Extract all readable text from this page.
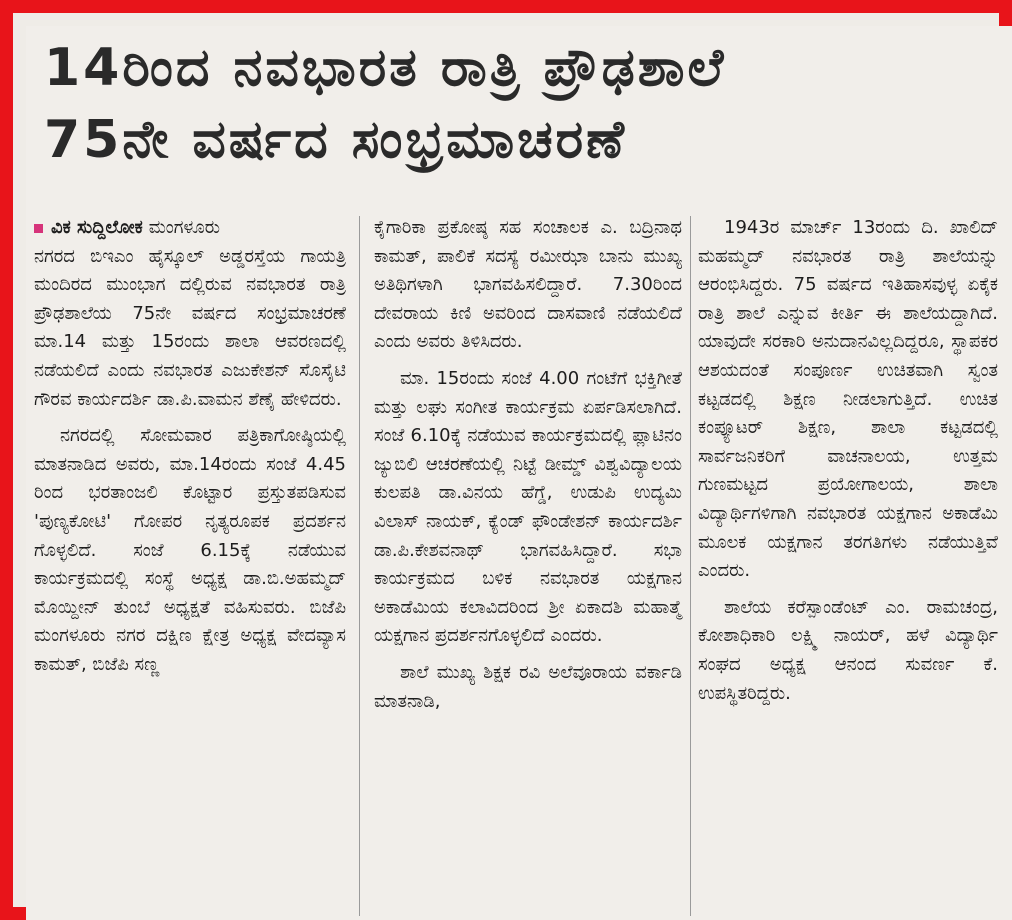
14ರಿಂದ ನವಭಾರತ ರಾತ್ರಿ ಪ್ರೌಢಶಾಲೆ
75ನೇ ವರ್ಷದ ಸಂಭ್ರಮಾಚರಣೆ
ವಿಕ ಸುದ್ದಿಲೋಕ ಮಂಗಳೂರು

ನಗರದ ಬಿಇಎಂ ಹೈಸ್ಕೂಲ್ ಅಡ್ಡರಸ್ತೆಯ ಗಾಯತ್ರಿ ಮಂದಿರದ ಮುಂಭಾಗ ದಲ್ಲಿರುವ ನವಭಾರತ ರಾತ್ರಿ ಪ್ರೌಢಶಾಲೆಯ 75ನೇ ವರ್ಷದ ಸಂಭ್ರಮಾಚರಣೆ ಮಾ.14 ಮತ್ತು 15ರಂದು ಶಾಲಾ ಆವರಣದಲ್ಲಿ ನಡೆಯಲಿದೆ ಎಂದು ನವಭಾರತ ಎಜುಕೇಶನ್ ಸೊಸೈಟಿ ಗೌರವ ಕಾರ್ಯದರ್ಶಿ ಡಾ.ಪಿ.ವಾಮನ ಶೆಣೈ ಹೇಳಿದರು.

ನಗರದಲ್ಲಿ ಸೋಮವಾರ ಪತ್ರಿಕಾಗೋಷ್ಠಿಯಲ್ಲಿ ಮಾತನಾಡಿದ ಅವರು, ಮಾ.14ರಂದು ಸಂಜೆ 4.45 ರಿಂದ ಭರತಾಂಜಲಿ ಕೊಟ್ಟಾರ ಪ್ರಸ್ತುತಪಡಿಸುವ 'ಪುಣ್ಯಕೋಟಿ' ಗೋಪರ ನೃತ್ಯರೂಪಕ ಪ್ರದರ್ಶನ ಗೊಳ್ಳಲಿದೆ. ಸಂಜೆ 6.15ಕ್ಕೆ ನಡೆಯುವ ಕಾರ್ಯಕ್ರಮದಲ್ಲಿ ಸಂಸ್ಥೆ ಅಧ್ಯಕ್ಷ ಡಾ.ಬಿ.ಅಹಮ್ಮದ್ ಮೊಯ್ದೀನ್ ತುಂಬೆ ಅಧ್ಯಕ್ಷತೆ ವಹಿಸುವರು. ಬಿಜೆಪಿ ಮಂಗಳೂರು ನಗರ ದಕ್ಷಿಣ ಕ್ಷೇತ್ರ ಅಧ್ಯಕ್ಷ ವೇದವ್ಯಾಸ ಕಾಮತ್, ಬಿಜೆಪಿ ಸಣ್ಣ

ಕೈಗಾರಿಕಾ ಪ್ರಕೋಷ್ಠ ಸಹ ಸಂಚಾಲಕ ಎ. ಬದ್ರಿನಾಥ ಕಾಮತ್, ಪಾಲಿಕೆ ಸದಸ್ಯೆ ರಮೀಝಾ ಬಾನು ಮುಖ್ಯ ಅತಿಥಿಗಳಾಗಿ ಭಾಗವಹಿಸಲಿದ್ದಾರೆ. 7.30ರಿಂದ ದೇವರಾಯ ಕಿಣಿ ಅವರಿಂದ ದಾಸವಾಣಿ ನಡೆಯಲಿದೆ ಎಂದು ಅವರು ತಿಳಿಸಿದರು.

ಮಾ. 15ರಂದು ಸಂಜೆ 4.00 ಗಂಟೆಗೆ ಭಕ್ತಿಗೀತೆ ಮತ್ತು ಲಘು ಸಂಗೀತ ಕಾರ್ಯಕ್ರಮ ಏರ್ಪಡಿಸಲಾಗಿದೆ. ಸಂಜೆ 6.10ಕ್ಕೆ ನಡೆಯುವ ಕಾರ್ಯಕ್ರಮದಲ್ಲಿ ಪ್ಲಾಟಿನಂ ಜ್ಯುಬಿಲಿ ಆಚರಣೆಯಲ್ಲಿ ನಿಟ್ಟೆ ಡೀಮ್ಡ್ ವಿಶ್ವವಿದ್ಯಾಲಯ ಕುಲಪತಿ ಡಾ.ವಿನಯ ಹೆಗ್ಡೆ, ಉಡುಪಿ ಉದ್ಯಮಿ ವಿಲಾಸ್ ನಾಯಕ್, ಕ್ಯೆಂಡ್ ಫೌಂಡೇಶನ್ ಕಾರ್ಯದರ್ಶಿ ಡಾ.ಪಿ.ಕೇಶವನಾಥ್ ಭಾಗವಹಿಸಿದ್ದಾರೆ. ಸಭಾ ಕಾರ್ಯಕ್ರಮದ ಬಳಿಕ ನವಭಾರತ ಯಕ್ಷಗಾನ ಅಕಾಡೆಮಿಯ ಕಲಾವಿದರಿಂದ ಶ್ರೀ ಏಕಾದಶಿ ಮಹಾತ್ಮೆ ಯಕ್ಷಗಾನ ಪ್ರದರ್ಶನಗೊಳ್ಳಲಿದೆ ಎಂದರು.

ಶಾಲೆ ಮುಖ್ಯ ಶಿಕ್ಷಕ ರವಿ ಅಲೆವೂರಾಯ ವರ್ಕಾಡಿ ಮಾತನಾಡಿ,

1943ರ ಮಾರ್ಚ್ 13ರಂದು ದಿ. ಖಾಲಿದ್ ಮಹಮ್ಮದ್ ನವಭಾರತ ರಾತ್ರಿ ಶಾಲೆಯನ್ನು ಆರಂಭಿಸಿದ್ದರು. 75 ವರ್ಷದ ಇತಿಹಾಸವುಳ್ಳ ಏಕೈಕ ರಾತ್ರಿ ಶಾಲೆ ಎನ್ನುವ ಕೀರ್ತಿ ಈ ಶಾಲೆಯದ್ದಾಗಿದೆ. ಯಾವುದೇ ಸರಕಾರಿ ಅನುದಾನವಿಲ್ಲದಿದ್ದರೂ, ಸ್ಥಾಪಕರ ಆಶಯದಂತೆ ಸಂಪೂರ್ಣ ಉಚಿತವಾಗಿ ಸ್ವಂತ ಕಟ್ಟಡದಲ್ಲಿ ಶಿಕ್ಷಣ ನೀಡಲಾಗುತ್ತಿದೆ. ಉಚಿತ ಕಂಪ್ಯೂಟರ್ ಶಿಕ್ಷಣ, ಶಾಲಾ ಕಟ್ಟಡದಲ್ಲಿ ಸಾರ್ವಜನಿಕರಿಗೆ ವಾಚನಾಲಯ, ಉತ್ತಮ ಗುಣಮಟ್ಟದ ಪ್ರಯೋಗಾಲಯ, ಶಾಲಾ ವಿದ್ಯಾರ್ಥಿಗಳಿಗಾಗಿ ನವಭಾರತ ಯಕ್ಷಗಾನ ಅಕಾಡೆಮಿ ಮೂಲಕ ಯಕ್ಷಗಾನ ತರಗತಿಗಳು ನಡೆಯುತ್ತಿವೆ ಎಂದರು.

ಶಾಲೆಯ ಕರೆಸ್ಪಾಂಡೆಂಟ್ ಎಂ. ರಾಮಚಂದ್ರ, ಕೋಶಾಧಿಕಾರಿ ಲಕ್ಷ್ಮಿ ನಾಯರ್, ಹಳೆ ವಿದ್ಯಾರ್ಥಿ ಸಂಘದ ಅಧ್ಯಕ್ಷ ಆನಂದ ಸುವರ್ಣ ಕೆ. ಉಪಸ್ಥಿತರಿದ್ದರು.
